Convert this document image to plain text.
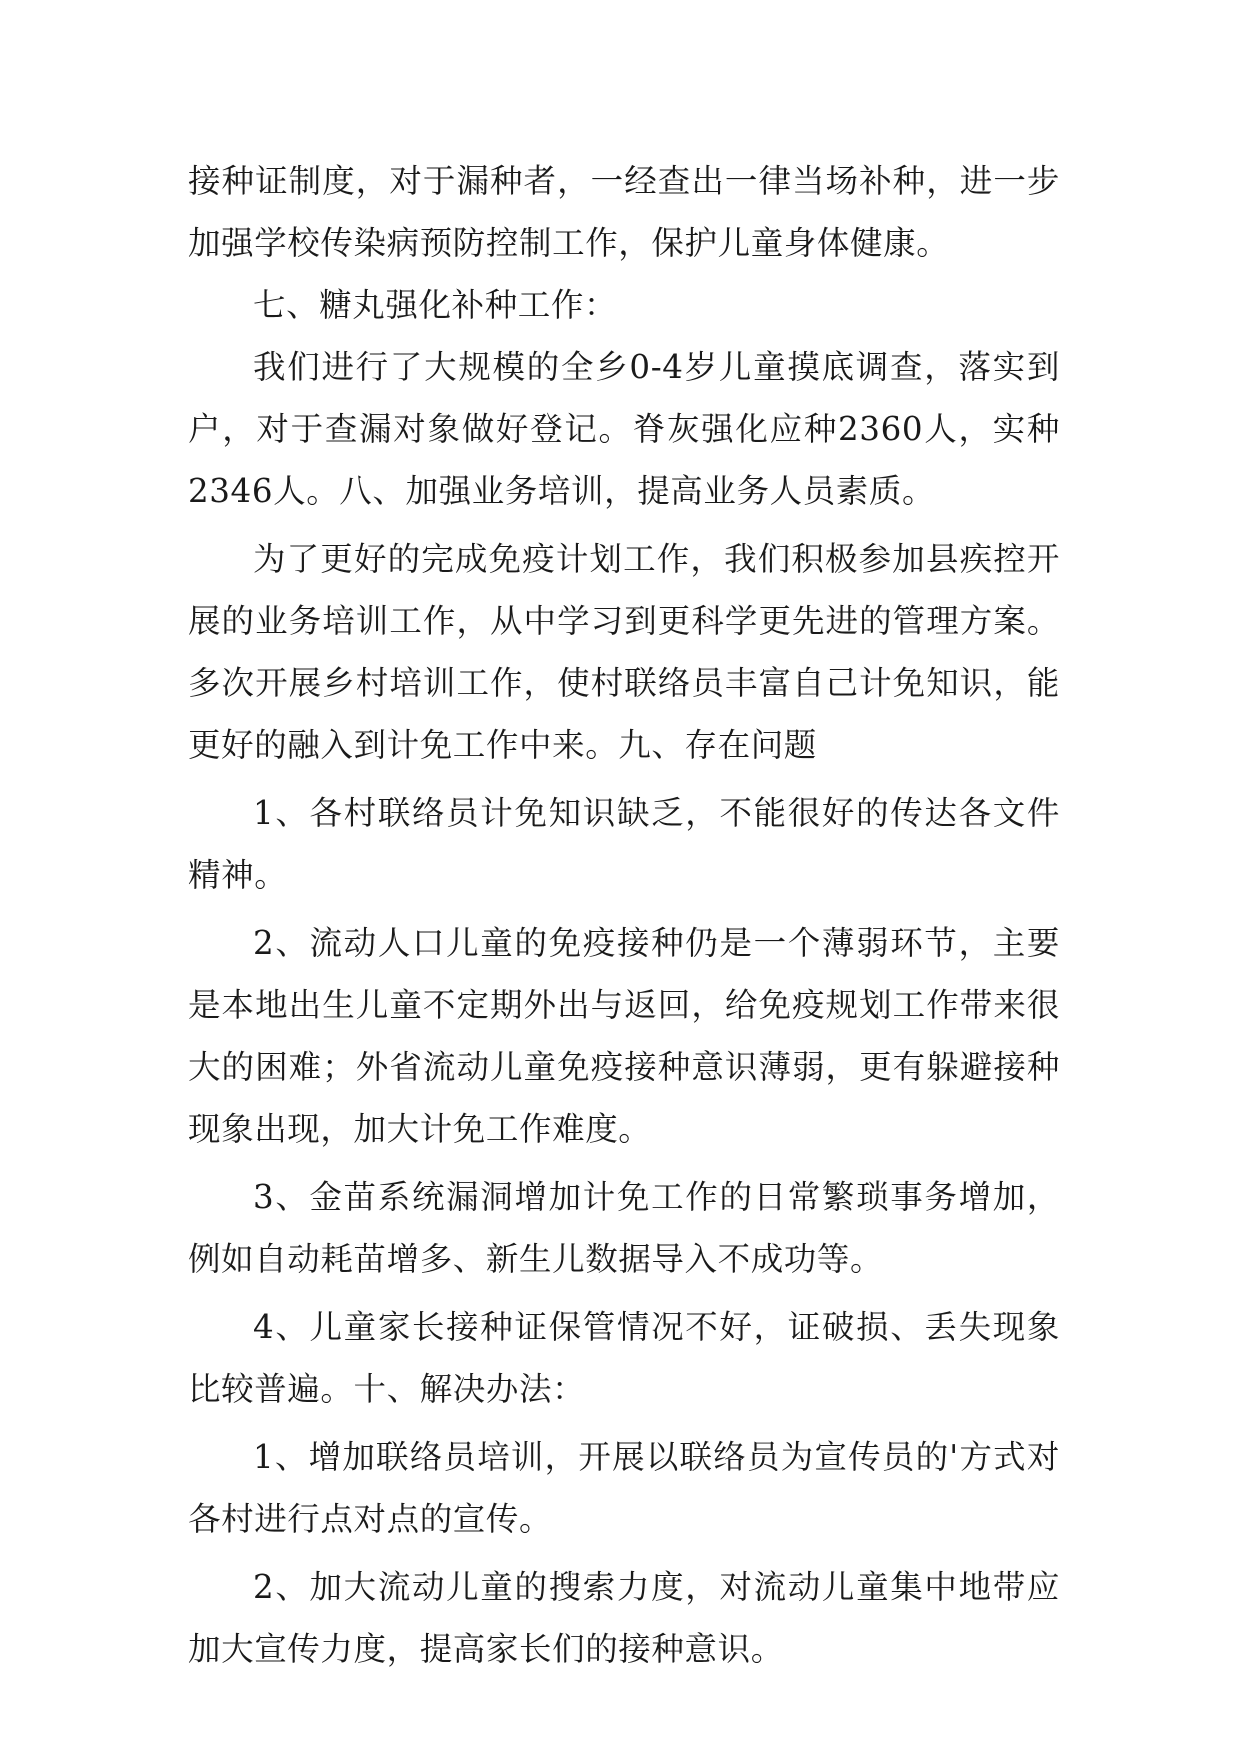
接种证制度，对于漏种者，一经查出一律当场补种，进一步加强学校传染病预防控制工作，保护儿童身体健康。

七、糖丸强化补种工作：

我们进行了大规模的全乡0-4岁儿童摸底调查，落实到户，对于查漏对象做好登记。脊灰强化应种2360人，实种2346人。八、加强业务培训，提高业务人员素质。

为了更好的完成免疫计划工作，我们积极参加县疾控开展的业务培训工作，从中学习到更科学更先进的管理方案。多次开展乡村培训工作，使村联络员丰富自己计免知识，能更好的融入到计免工作中来。九、存在问题

1、各村联络员计免知识缺乏，不能很好的传达各文件精神。

2、流动人口儿童的免疫接种仍是一个薄弱环节，主要是本地出生儿童不定期外出与返回，给免疫规划工作带来很大的困难；外省流动儿童免疫接种意识薄弱，更有躲避接种现象出现，加大计免工作难度。

3、金苗系统漏洞增加计免工作的日常繁琐事务增加，例如自动耗苗增多、新生儿数据导入不成功等。

4、儿童家长接种证保管情况不好，证破损、丢失现象比较普遍。十、解决办法：

1、增加联络员培训，开展以联络员为宣传员的'方式对各村进行点对点的宣传。

2、加大流动儿童的搜索力度，对流动儿童集中地带应加大宣传力度，提高家长们的接种意识。
